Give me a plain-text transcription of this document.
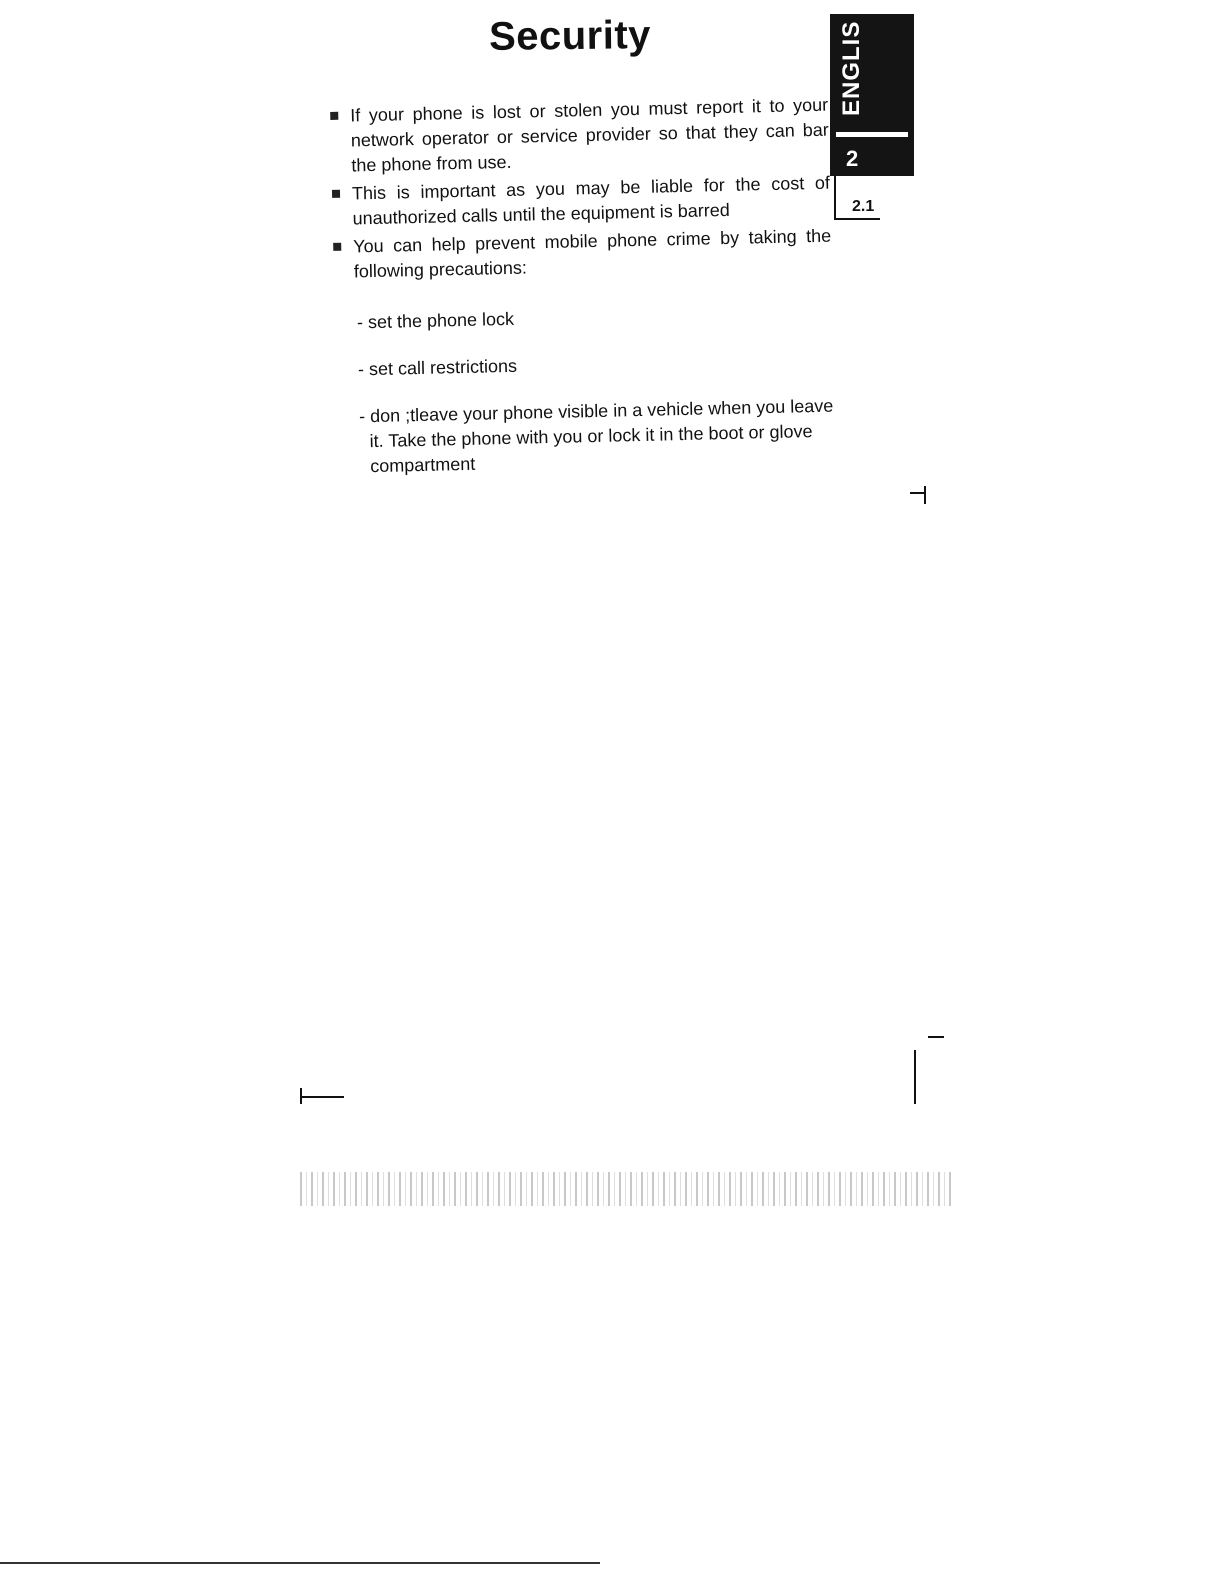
Security
If your phone is lost or stolen you must report it to your network operator or service provider so that they can bar the phone from use.
This is important as you may be liable for the cost of unauthorized calls until the equipment is barred
You can help prevent mobile phone crime by taking the following precautions:
- set the phone lock
- set call restrictions
- don ;tleave your phone visible in a vehicle when you leave it. Take the phone with you or lock it in the boot or glove compartment
ENGLIS
2
2.1
